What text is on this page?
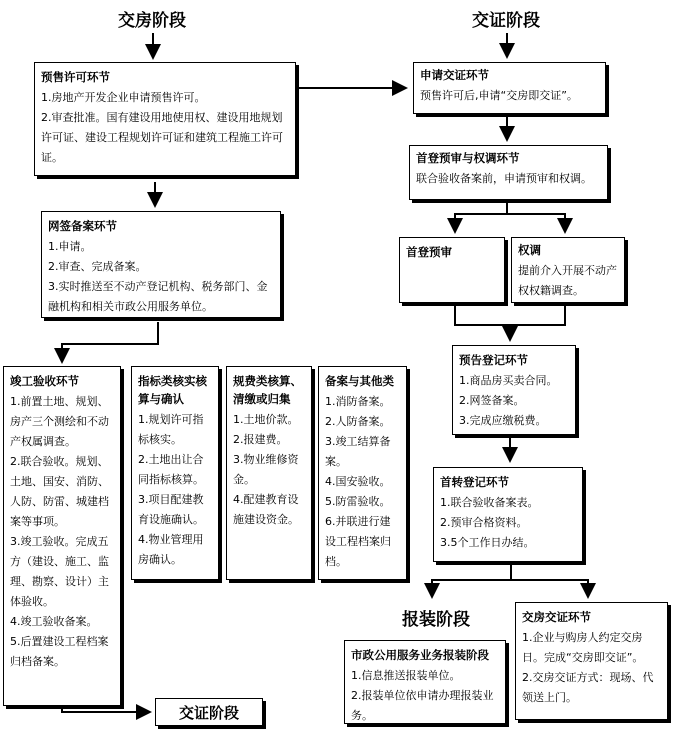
交房阶段	交证阶段
预售许可环节
1.房地产开发企业申请预售许可。
2.审查批准。国有建设用地使用权、建设用地规划许可证、建设工程规划许可证和建筑工程施工许可证。
网签备案环节
1.申请。
2.审查、完成备案。
3.实时推送至不动产登记机构、税务部门、金融机构和相关市政公用服务单位。
竣工验收环节
1.前置土地、规划、房产三个测绘和不动产权属调查。
2.联合验收。规划、土地、国安、消防、人防、防雷、城建档案等事项。
3.竣工验收。完成五方（建设、施工、监理、勘察、设计）主体验收。
4.竣工验收备案。
5.后置建设工程档案归档备案。
指标类核实核算与确认
1.规划许可指标核实。
2.土地出让合同指标核算。
3.项目配建教育设施确认。
4.物业管理用房确认。
规费类核算、清缴或归集
1.土地价款。
2.报建费。
3.物业维修资金。
4.配建教育设施建设资金。
备案与其他类
1.消防备案。
2.人防备案。
3.竣工结算备案。
4.国安验收。
5.防雷验收。
6.并联进行建设工程档案归档。
交证阶段
申请交证环节
预售许可后,申请“交房即交证”。
首登预审与权调环节
联合验收备案前，申请预审和权调。
首登预审	权调
提前介入开展不动产权权籍调查。
预告登记环节
1.商品房买卖合同。
2.网签备案。
3.完成应缴税费。
首转登记环节
1.联合验收备案表。
2.预审合格资料。
3.5个工作日办结。
报装阶段
市政公用服务业务报装阶段
1.信息推送报装单位。
2.报装单位依申请办理报装业务。
交房交证环节
1.企业与购房人约定交房日。完成“交房即交证”。
2.交房交证方式：现场、代领送上门。
